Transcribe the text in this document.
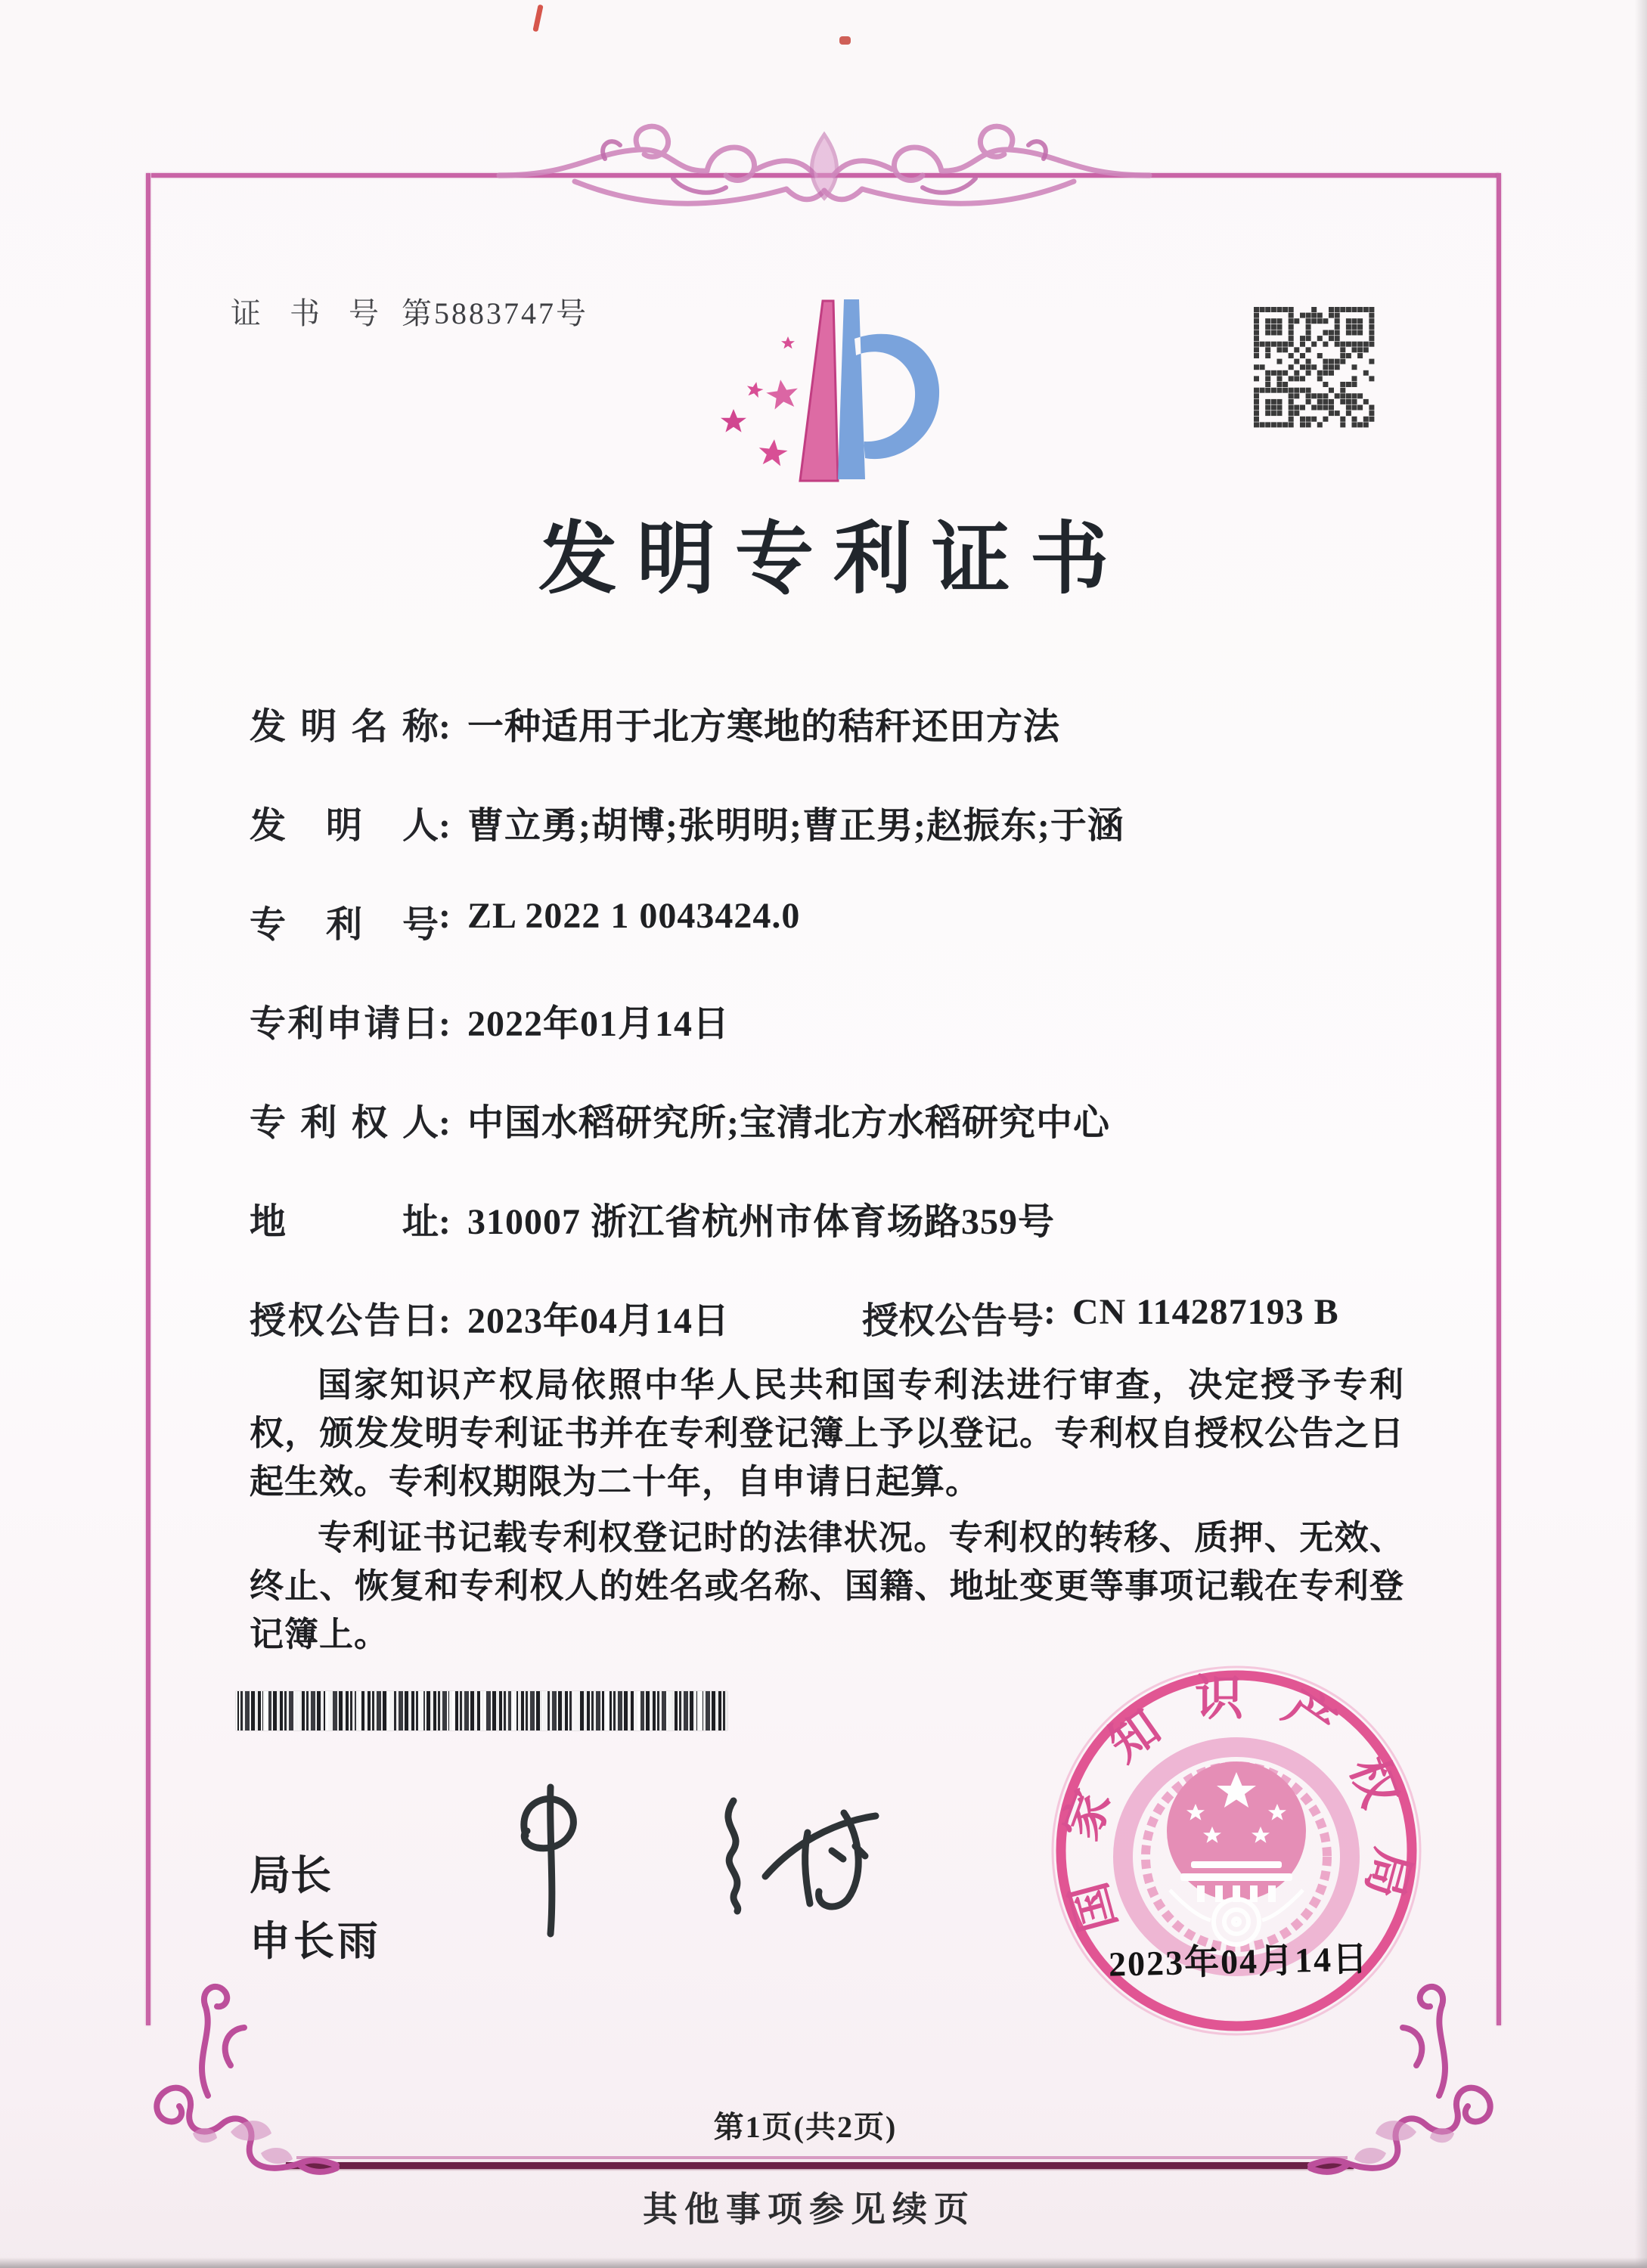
证 书 号 第5883747号
发明专利证书
发明名称: 一种适用于北方寒地的秸秆还田方法
发明人: 曹立勇;胡博;张明明;曹正男;赵振东;于涵
专利号: ZL 2022 1 0043424.0
专利申请日: 2022年01月14日
专利权人: 中国水稻研究所;宝清北方水稻研究中心
地址: 310007 浙江省杭州市体育场路359号
授权公告日: 2023年04月14日	授权公告号: CN 114287193 B

国家知识产权局依照中华人民共和国专利法进行审查，决定授予专利权，颁发发明专利证书并在专利登记簿上予以登记。专利权自授权公告之日起生效。专利权期限为二十年，自申请日起算。

专利证书记载专利权登记时的法律状况。专利权的转移、质押、无效、终止、恢复和专利权人的姓名或名称、国籍、地址变更等事项记载在专利登记簿上。

局长
申长雨
国家知识产权局
2023年04月14日
第1页(共2页)
其他事项参见续页
